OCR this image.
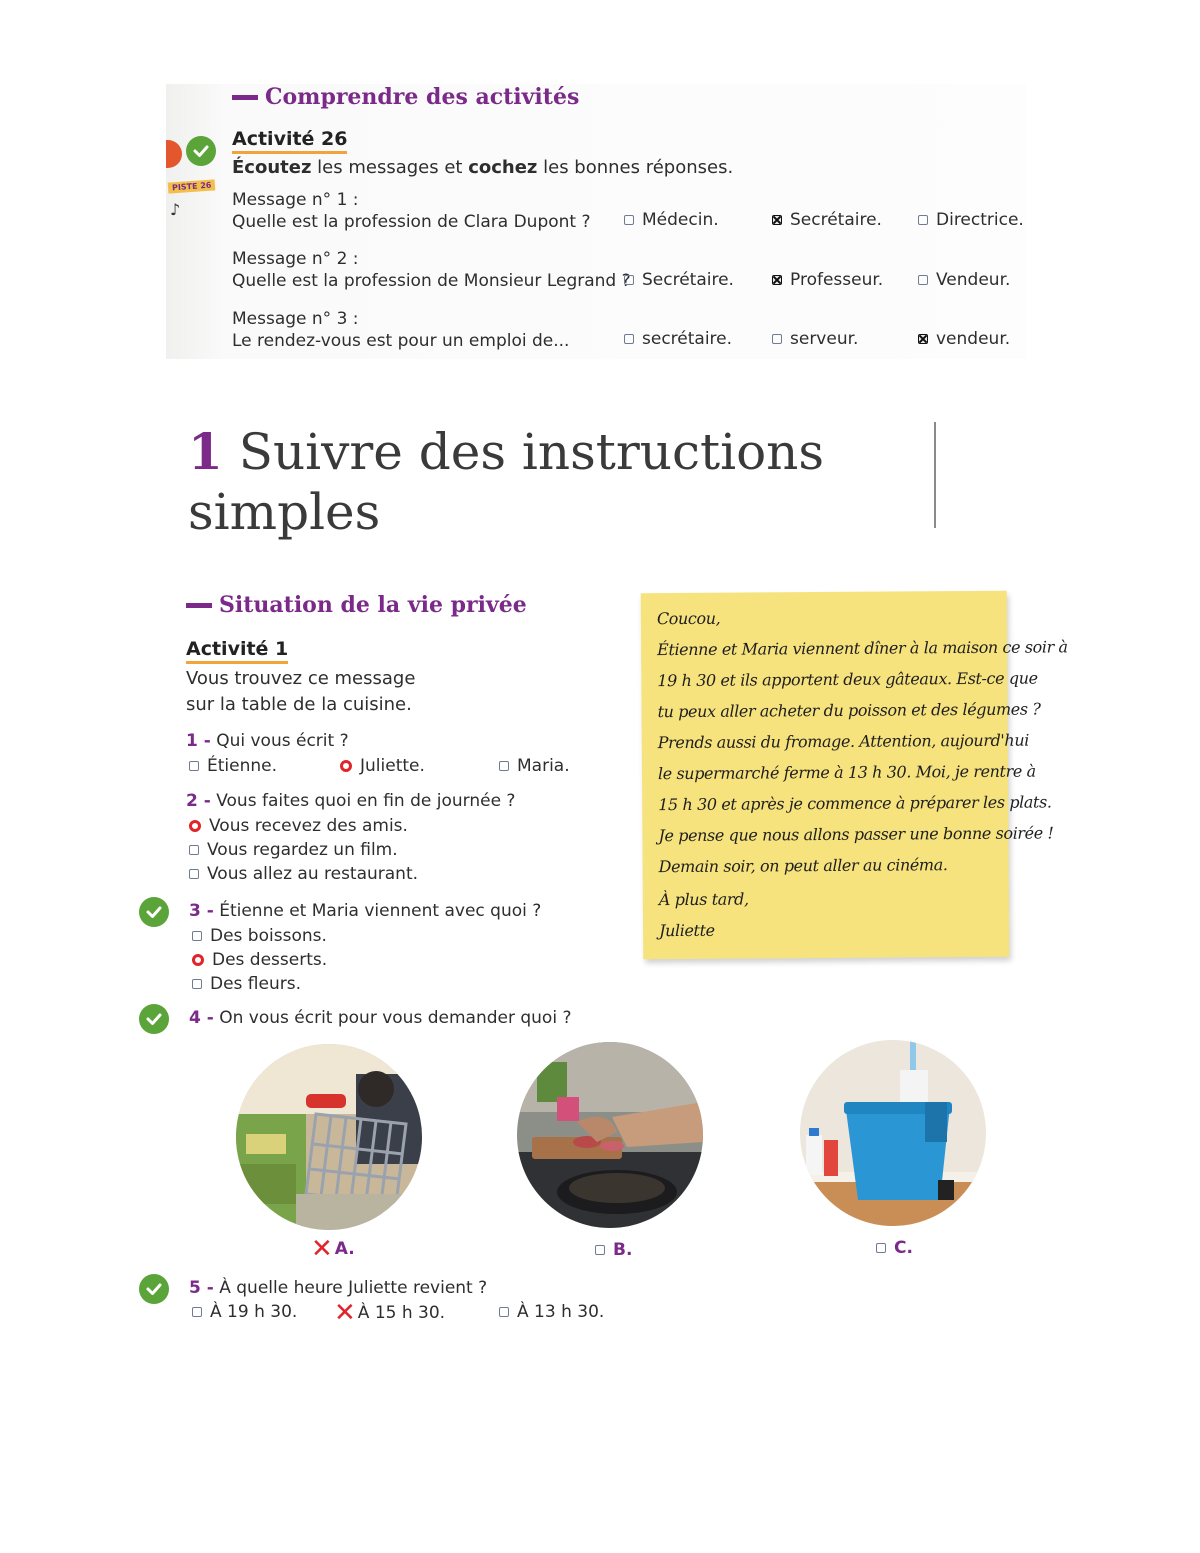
PISTE 26
♪
Comprendre des activités
Activité 26
Écoutez les messages et cochez les bonnes réponses.
Message n° 1 :
Quelle est la profession de Clara Dupont ?	Médecin.	Secrétaire.	Directrice.
Message n° 2 :
Quelle est la profession de Monsieur Legrand ? Secrétaire.	Professeur.	Vendeur.
Message n° 3 :
Le rendez-vous est pour un emploi de...	secrétaire.	serveur.	vendeur.
1 Suivre des instructions
simples
Situation de la vie privée
Activité 1
Vous trouvez ce message
sur la table de la cuisine.
1 - Qui vous écrit ?
Étienne.	Juliette.	Maria.
2 - Vous faites quoi en fin de journée ?
Vous recevez des amis.
Vous regardez un film.
Vous allez au restaurant.
3 - Étienne et Maria viennent avec quoi ?
Des boissons.
Des desserts.
Des fleurs.
4 - On vous écrit pour vous demander quoi ?
✕ A.	B.	C.
5 - À quelle heure Juliette revient ?
À 19 h 30. ✕ À 15 h 30.	À 13 h 30.
Coucou,
Étienne et Maria viennent dîner à la maison ce soir à
19 h 30 et ils apportent deux gâteaux. Est-ce que
tu peux aller acheter du poisson et des légumes ?
Prends aussi du fromage. Attention, aujourd'hui
le supermarché ferme à 13 h 30. Moi, je rentre à
15 h 30 et après je commence à préparer les plats.
Je pense que nous allons passer une bonne soirée !
Demain soir, on peut aller au cinéma.
À plus tard,
Juliette
